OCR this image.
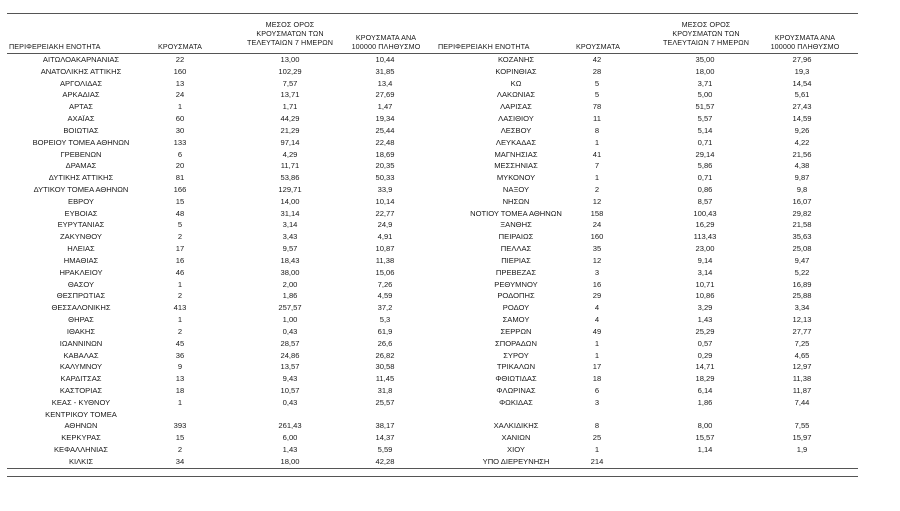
ΠΕΡΙΦΕΡΕΙΑΚΗ ΕΝΟΤΗΤΑ	ΚΡΟΥΣΜΑΤΑ
ΜΕΣΟΣ ΟΡΟΣ
ΚΡΟΥΣΜΑΤΩΝ ΤΩΝ
ΤΕΛΕΥΤΑΙΩΝ 7 ΗΜΕΡΩΝ
ΚΡΟΥΣΜΑΤΑ ΑΝΑ
100000 ΠΛΗΘΥΣΜΟ	ΠΕΡΙΦΕΡΕΙΑΚΗ ΕΝΟΤΗΤΑ	ΚΡΟΥΣΜΑΤΑ
ΜΕΣΟΣ ΟΡΟΣ
ΚΡΟΥΣΜΑΤΩΝ ΤΩΝ
ΤΕΛΕΥΤΑΙΩΝ 7 ΗΜΕΡΩΝ
ΚΡΟΥΣΜΑΤΑ ΑΝΑ
100000 ΠΛΗΘΥΣΜΟ
ΑΙΤΩΛΟΑΚΑΡΝΑΝΙΑΣ	22	13,00	10,44
ΑΝΑΤΟΛΙΚΗΣ ΑΤΤΙΚΗΣ	160	102,29	31,85
ΑΡΓΟΛΙΔΑΣ	13	7,57	13,4
ΑΡΚΑΔΙΑΣ	24	13,71	27,69
ΑΡΤΑΣ	1	1,71	1,47
ΑΧΑΪΑΣ	60	44,29	19,34
ΒΟΙΩΤΙΑΣ	30	21,29	25,44
ΒΟΡΕΙΟΥ ΤΟΜΕΑ ΑΘΗΝΩΝ	133	97,14	22,48
ΓΡΕΒΕΝΩΝ	6	4,29	18,69
ΔΡΑΜΑΣ	20	11,71	20,35
ΔΥΤΙΚΗΣ ΑΤΤΙΚΗΣ	81	53,86	50,33
ΔΥΤΙΚΟΥ ΤΟΜΕΑ ΑΘΗΝΩΝ	166	129,71	33,9
ΕΒΡΟΥ	15	14,00	10,14
ΕΥΒΟΙΑΣ	48	31,14	22,77
ΕΥΡΥΤΑΝΙΑΣ	5	3,14	24,9
ΖΑΚΥΝΘΟΥ	2	3,43	4,91
ΗΛΕΙΑΣ	17	9,57	10,87
ΗΜΑΘΙΑΣ	16	18,43	11,38
ΗΡΑΚΛΕΙΟΥ	46	38,00	15,06
ΘΑΣΟΥ	1	2,00	7,26
ΘΕΣΠΡΩΤΙΑΣ	2	1,86	4,59
ΘΕΣΣΑΛΟΝΙΚΗΣ	413	257,57	37,2
ΘΗΡΑΣ	1	1,00	5,3
ΙΘΑΚΗΣ	2	0,43	61,9
ΙΩΑΝΝΙΝΩΝ	45	28,57	26,6
ΚΑΒΑΛΑΣ	36	24,86	26,82
ΚΑΛΥΜΝΟΥ	9	13,57	30,58
ΚΑΡΔΙΤΣΑΣ	13	9,43	11,45
ΚΑΣΤΟΡΙΑΣ	18	10,57	31,8
ΚΕΑΣ - ΚΥΘΝΟΥ	1	0,43	25,57
ΚΕΝΤΡΙΚΟΥ ΤΟΜΕΑ
ΑΘΗΝΩΝ	393	261,43	38,17
ΚΕΡΚΥΡΑΣ	15	6,00	14,37
ΚΕΦΑΛΛΗΝΙΑΣ	2	1,43	5,59
ΚΙΛΚΙΣ	34	18,00	42,28
ΚΟΖΑΝΗΣ	42	35,00	27,96
ΚΟΡΙΝΘΙΑΣ	28	18,00	19,3
ΚΩ	5	3,71	14,54
ΛΑΚΩΝΙΑΣ	5	5,00	5,61
ΛΑΡΙΣΑΣ	78	51,57	27,43
ΛΑΣΙΘΙΟΥ	11	5,57	14,59
ΛΕΣΒΟΥ	8	5,14	9,26
ΛΕΥΚΑΔΑΣ	1	0,71	4,22
ΜΑΓΝΗΣΙΑΣ	41	29,14	21,56
ΜΕΣΣΗΝΙΑΣ	7	5,86	4,38
ΜΥΚΟΝΟΥ	1	0,71	9,87
ΝΑΞΟΥ	2	0,86	9,8
ΝΗΣΩΝ	12	8,57	16,07
ΝΟΤΙΟΥ ΤΟΜΕΑ ΑΘΗΝΩΝ	158	100,43	29,82
ΞΑΝΘΗΣ	24	16,29	21,58
ΠΕΙΡΑΙΩΣ	160	113,43	35,63
ΠΕΛΛΑΣ	35	23,00	25,08
ΠΙΕΡΙΑΣ	12	9,14	9,47
ΠΡΕΒΕΖΑΣ	3	3,14	5,22
ΡΕΘΥΜΝΟΥ	16	10,71	16,89
ΡΟΔΟΠΗΣ	29	10,86	25,88
ΡΟΔΟΥ	4	3,29	3,34
ΣΑΜΟΥ	4	1,43	12,13
ΣΕΡΡΩΝ	49	25,29	27,77
ΣΠΟΡΑΔΩΝ	1	0,57	7,25
ΣΥΡΟΥ	1	0,29	4,65
ΤΡΙΚΑΛΩΝ	17	14,71	12,97
ΦΘΙΩΤΙΔΑΣ	18	18,29	11,38
ΦΛΩΡΙΝΑΣ	6	6,14	11,87
ΦΩΚΙΔΑΣ	3	1,86	7,44
ΧΑΛΚΙΔΙΚΗΣ	8	8,00	7,55
ΧΑΝΙΩΝ	25	15,57	15,97
ΧΙΟΥ	1	1,14	1,9
ΥΠΟ ΔΙΕΡΕΥΝΗΣΗ	214
